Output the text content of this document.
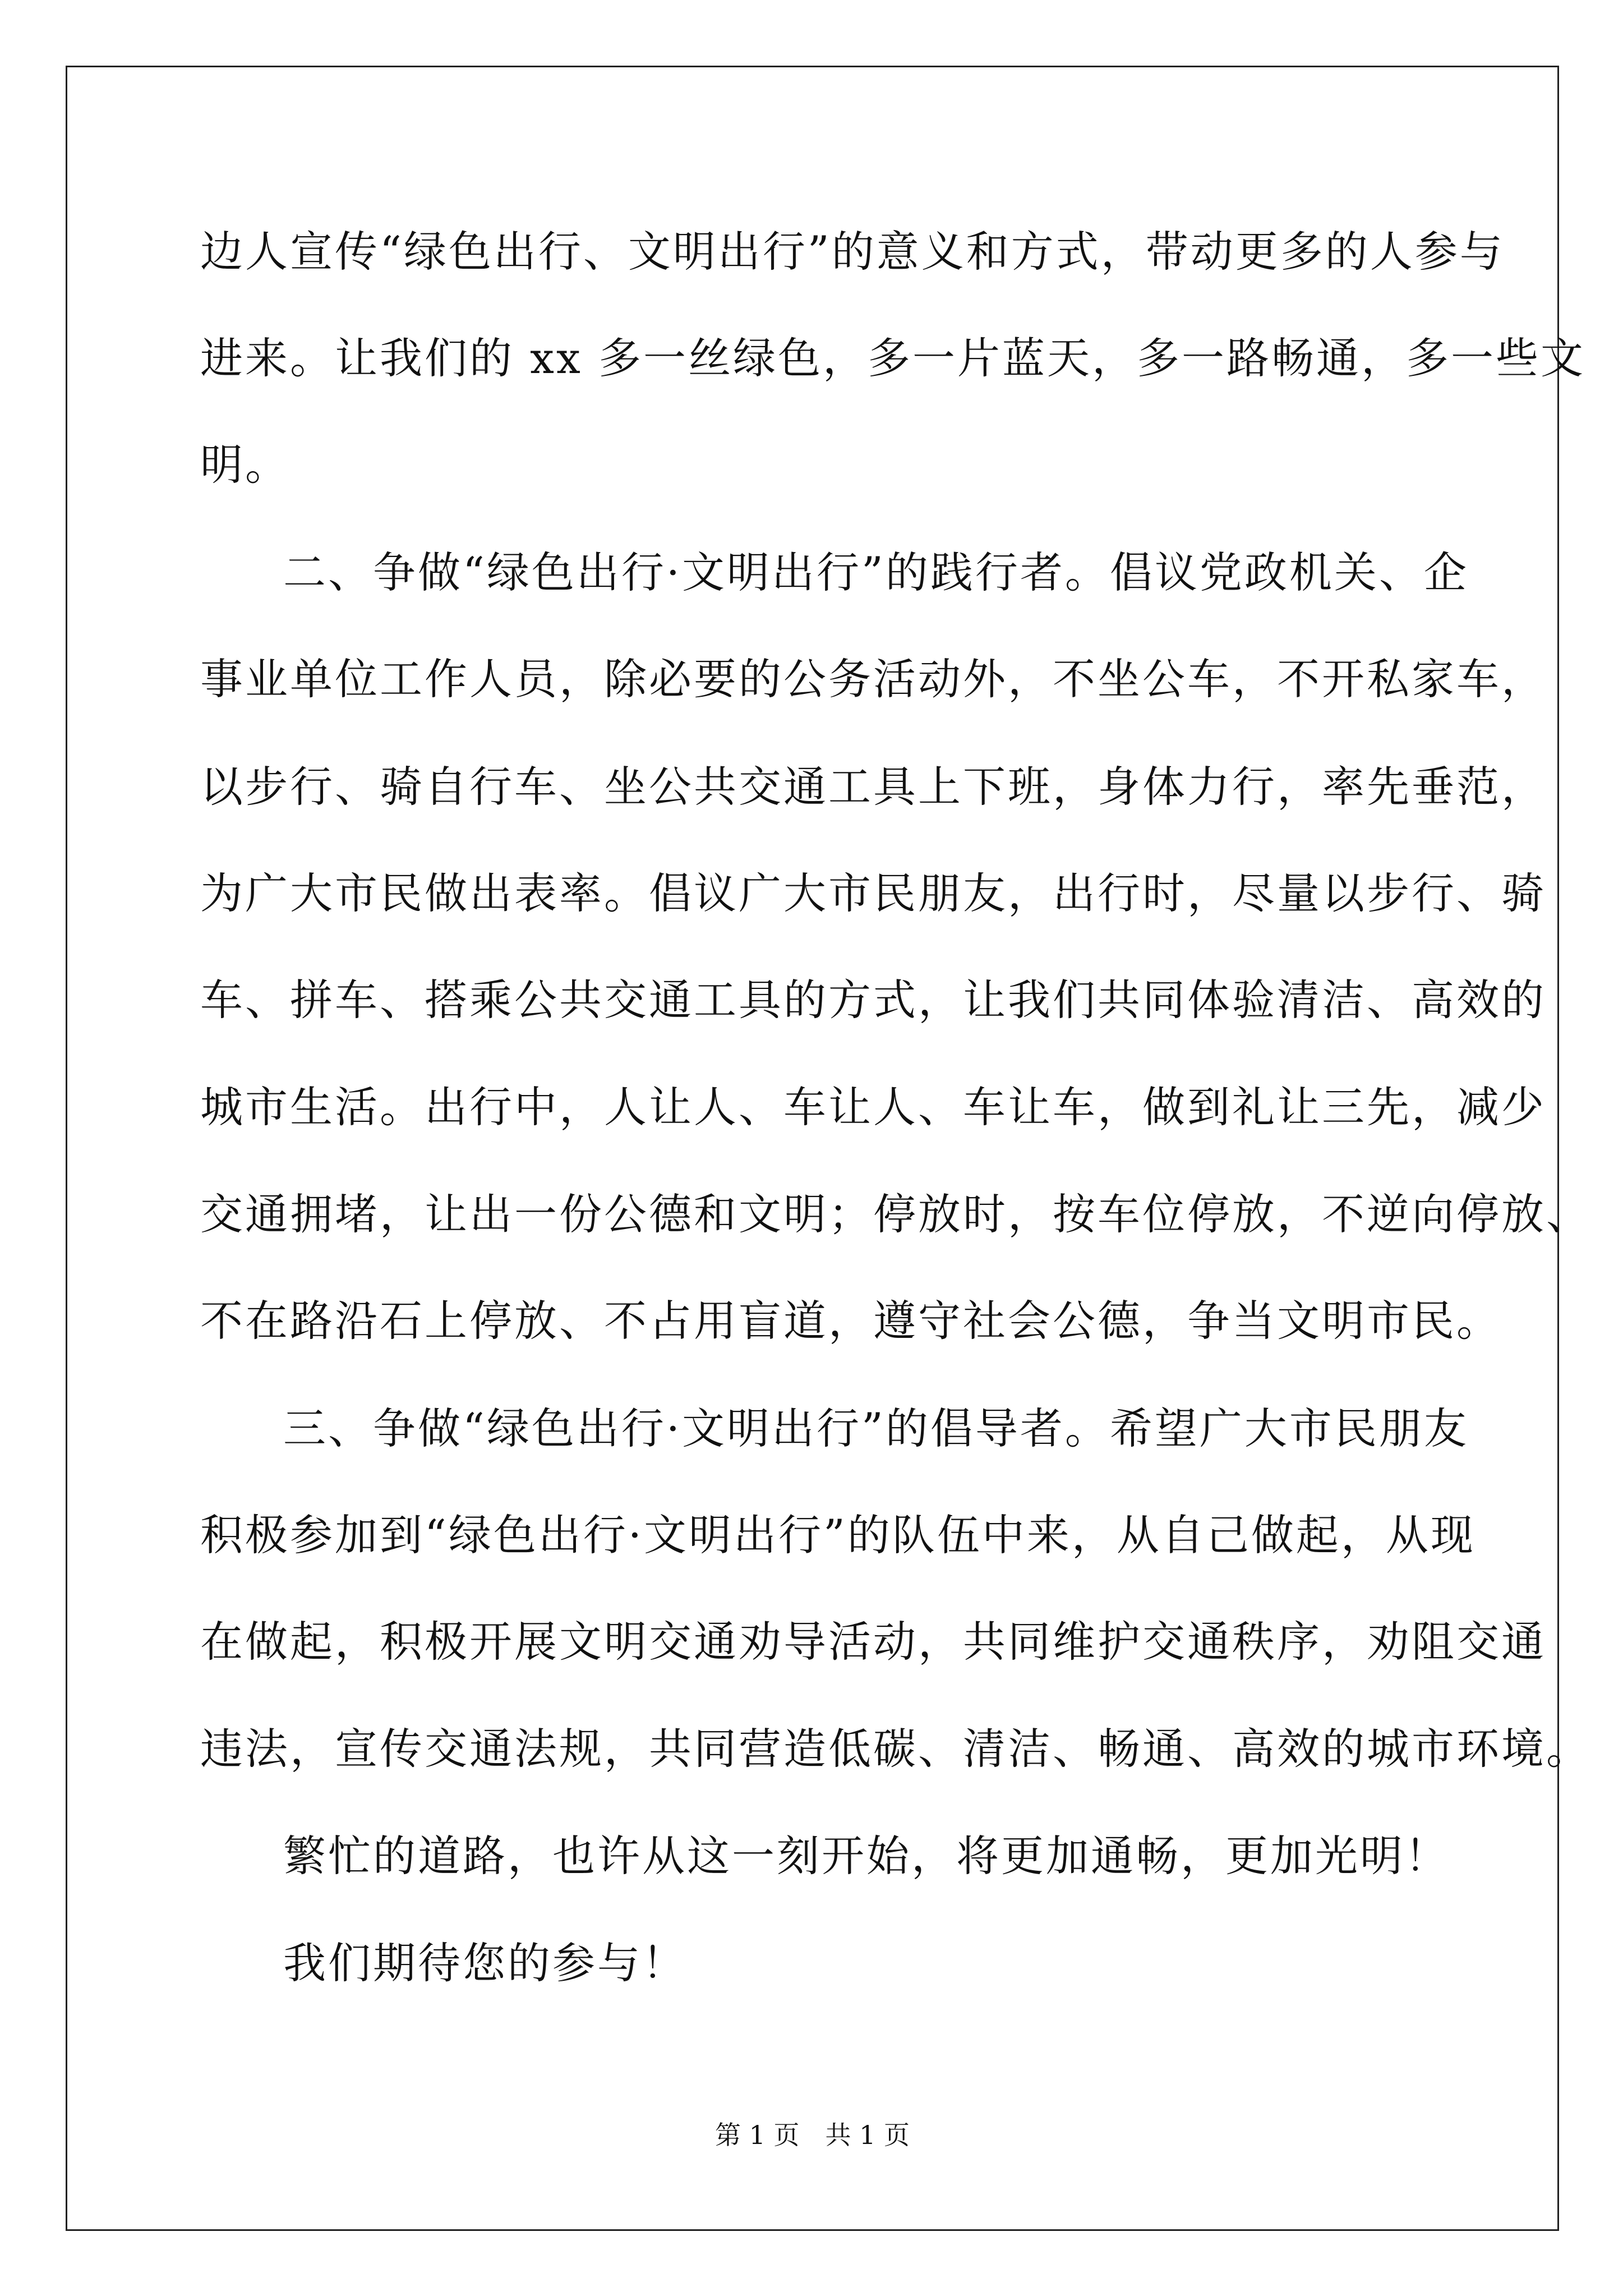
边人宣传“绿色出行、文明出行”的意义和方式，带动更多的人参与
进来。让我们的 xx 多一丝绿色，多一片蓝天，多一路畅通，多一些文
明。
二、争做“绿色出行·文明出行”的践行者。倡议党政机关、企
事业单位工作人员，除必要的公务活动外，不坐公车，不开私家车，
以步行、骑自行车、坐公共交通工具上下班，身体力行，率先垂范，
为广大市民做出表率。倡议广大市民朋友，出行时，尽量以步行、骑
车、拼车、搭乘公共交通工具的方式，让我们共同体验清洁、高效的
城市生活。出行中，人让人、车让人、车让车，做到礼让三先，减少
交通拥堵，让出一份公德和文明；停放时，按车位停放，不逆向停放、
不在路沿石上停放、不占用盲道，遵守社会公德，争当文明市民。
三、争做“绿色出行·文明出行”的倡导者。希望广大市民朋友
积极参加到“绿色出行·文明出行”的队伍中来，从自己做起，从现
在做起，积极开展文明交通劝导活动，共同维护交通秩序，劝阻交通
违法，宣传交通法规，共同营造低碳、清洁、畅通、高效的城市环境。
繁忙的道路，也许从这一刻开始，将更加通畅，更加光明！
我们期待您的参与！
第 1 页　共 1 页
